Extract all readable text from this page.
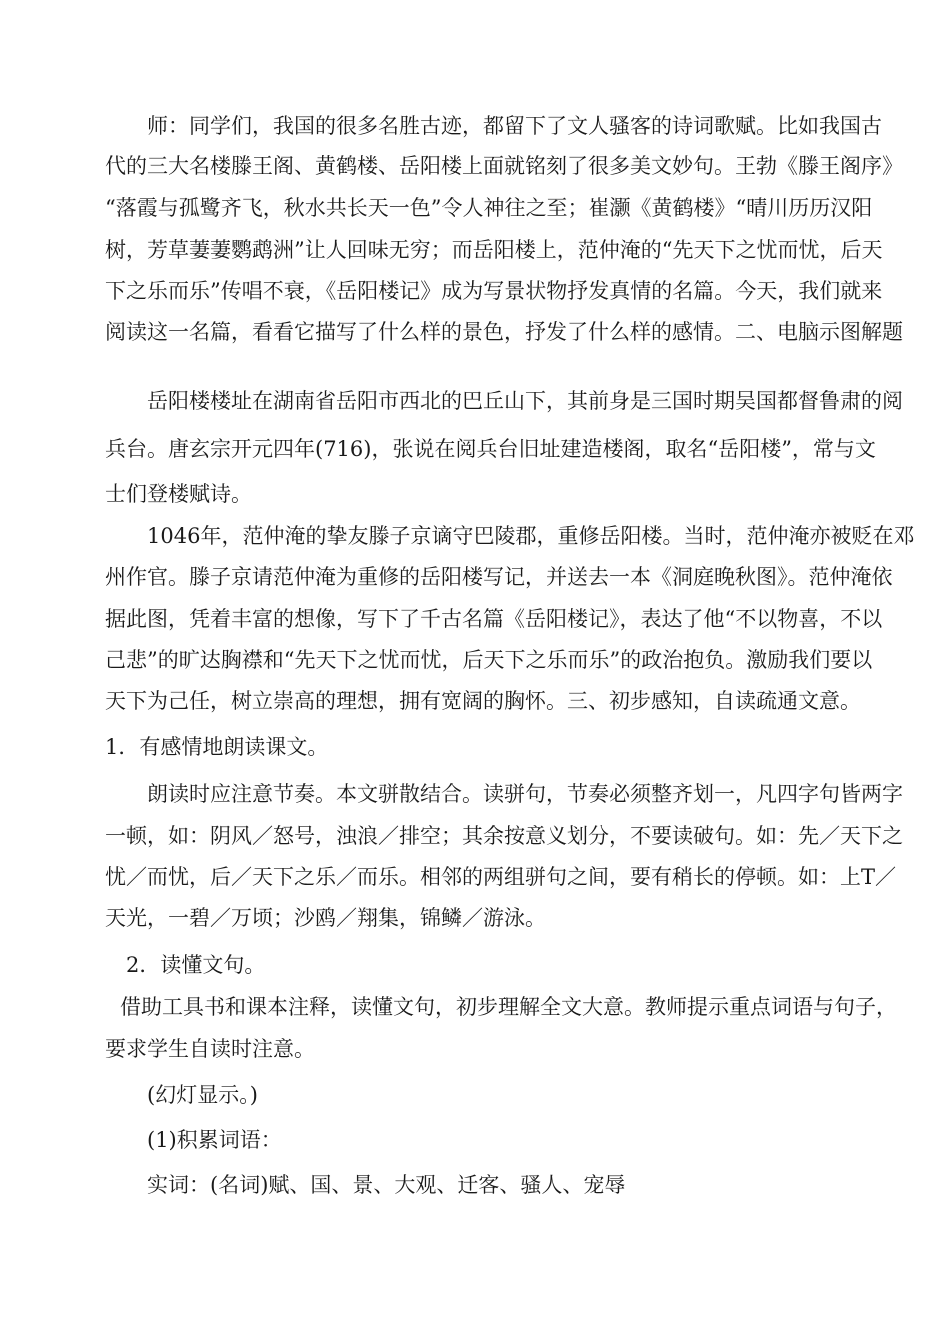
师：同学们，我国的很多名胜古迹，都留下了文人骚客的诗词歌赋。比如我国古
代的三大名楼滕王阁、黄鹤楼、岳阳楼上面就铭刻了很多美文妙句。王勃《滕王阁序》
“落霞与孤鹭齐飞，秋水共长天一色”令人神往之至；崔灏《黄鹤楼》“晴川历历汉阳
树，芳草萋萋鹦鹉洲”让人回味无穷；而岳阳楼上，范仲淹的“先天下之忧而忧，后天
下之乐而乐”传唱不衰，《岳阳楼记》成为写景状物抒发真情的名篇。今天，我们就来
阅读这一名篇，看看它描写了什么样的景色，抒发了什么样的感情。二、电脑示图解题
岳阳楼楼址在湖南省岳阳市西北的巴丘山下，其前身是三国时期吴国都督鲁肃的阅
兵台。唐玄宗开元四年(716)，张说在阅兵台旧址建造楼阁，取名“岳阳楼”，常与文
士们登楼赋诗。
1046年，范仲淹的挚友滕子京谪守巴陵郡，重修岳阳楼。当时，范仲淹亦被贬在邓
州作官。滕子京请范仲淹为重修的岳阳楼写记，并送去一本《洞庭晚秋图》。范仲淹依
据此图，凭着丰富的想像，写下了千古名篇《岳阳楼记》，表达了他“不以物喜，不以
己悲”的旷达胸襟和“先天下之忧而忧，后天下之乐而乐”的政治抱负。激励我们要以
天下为己任，树立崇高的理想，拥有宽阔的胸怀。三、初步感知，自读疏通文意。
1．有感情地朗读课文。
朗读时应注意节奏。本文骈散结合。读骈句，节奏必须整齐划一，凡四字句皆两字
一顿，如：阴风／怒号，浊浪／排空；其余按意义划分，不要读破句。如：先／天下之
忧／而忧，后／天下之乐／而乐。相邻的两组骈句之间，要有稍长的停顿。如：上T／
天光，一碧／万顷；沙鸥／翔集，锦鳞／游泳。
2．读懂文句。
借助工具书和课本注释，读懂文句，初步理解全文大意。教师提示重点词语与句子，
要求学生自读时注意。
(幻灯显示。)
(1)积累词语：
实词：(名词)赋、国、景、大观、迁客、骚人、宠辱
